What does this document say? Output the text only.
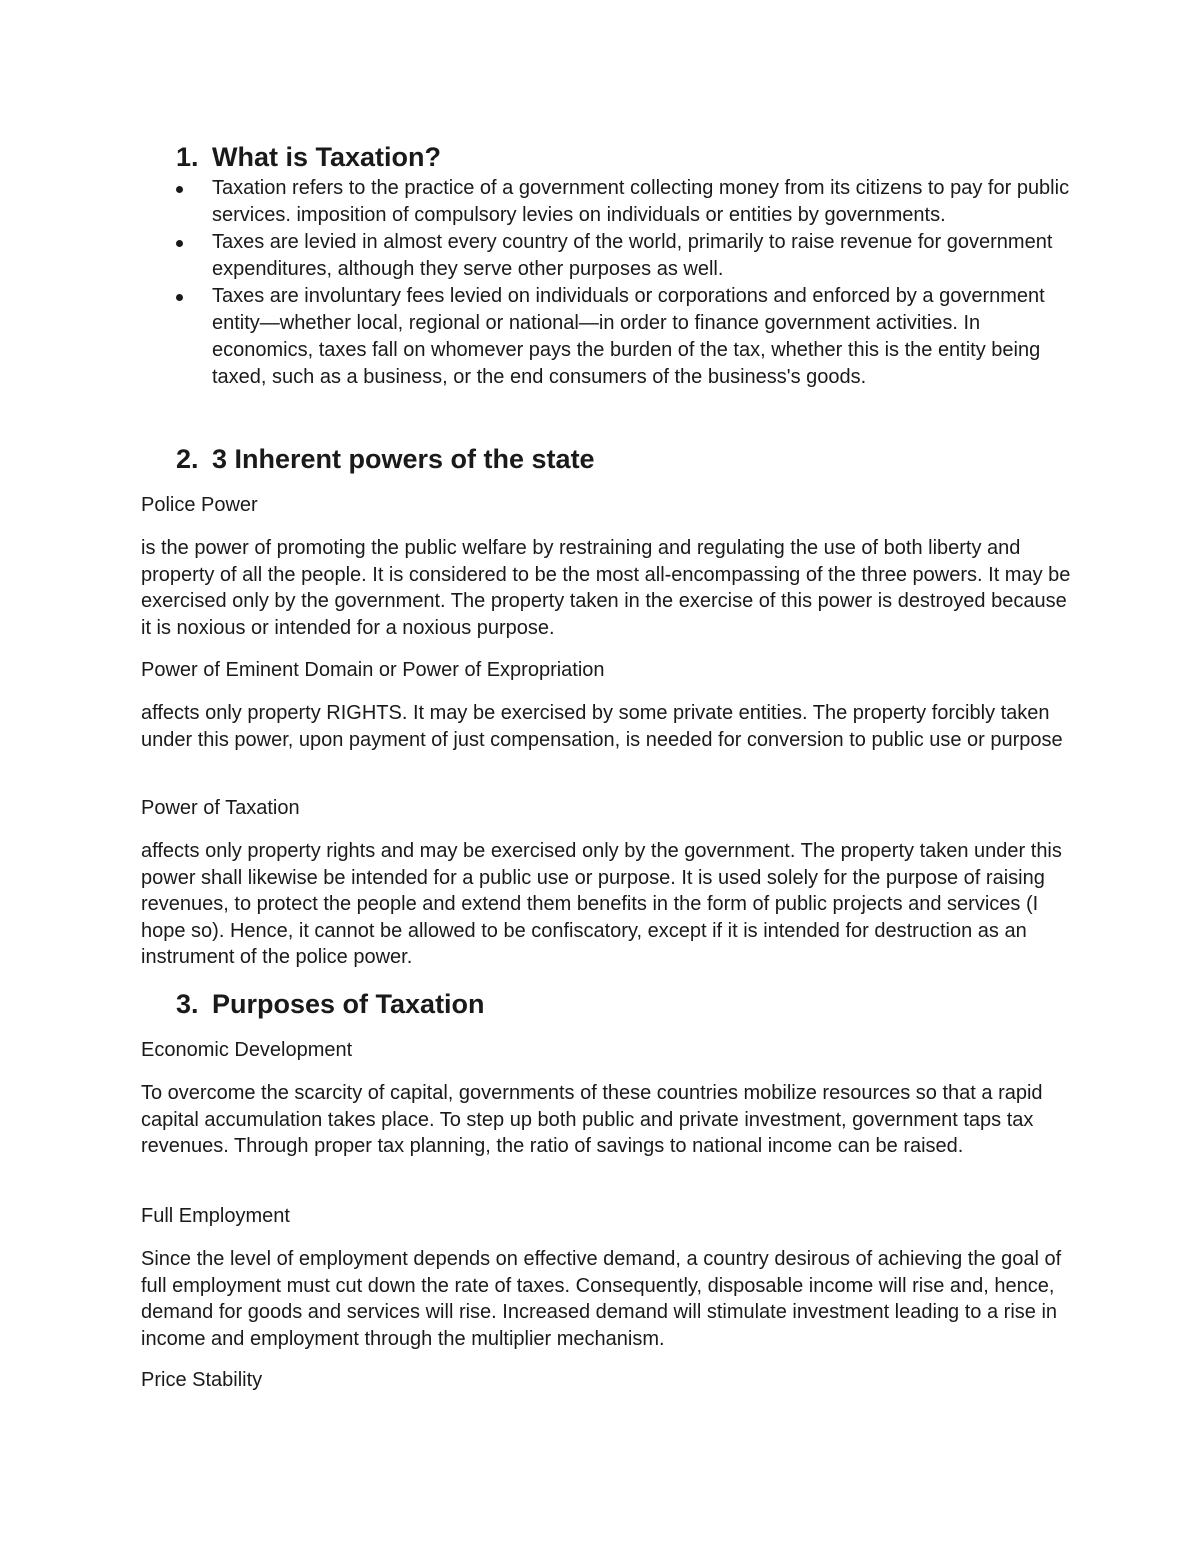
1. What is Taxation?
Taxation refers to the practice of a government collecting money from its citizens to pay for public services. imposition of compulsory levies on individuals or entities by governments.
Taxes are levied in almost every country of the world, primarily to raise revenue for government expenditures, although they serve other purposes as well.
Taxes are involuntary fees levied on individuals or corporations and enforced by a government entity—whether local, regional or national—in order to finance government activities. In economics, taxes fall on whomever pays the burden of the tax, whether this is the entity being taxed, such as a business, or the end consumers of the business's goods.
2. 3 Inherent powers of the state

Police Power

is the power of promoting the public welfare by restraining and regulating the use of both liberty and property of all the people. It is considered to be the most all-encompassing of the three powers. It may be exercised only by the government. The property taken in the exercise of this power is destroyed because it is noxious or intended for a noxious purpose.

Power of Eminent Domain or Power of Expropriation

affects only property RIGHTS. It may be exercised by some private entities. The property forcibly taken under this power, upon payment of just compensation, is needed for conversion to public use or purpose

Power of Taxation

affects only property rights and may be exercised only by the government. The property taken under this power shall likewise be intended for a public use or purpose. It is used solely for the purpose of raising revenues, to protect the people and extend them benefits in the form of public projects and services (I hope so). Hence, it cannot be allowed to be confiscatory, except if it is intended for destruction as an instrument of the police power.

3. Purposes of Taxation

Economic Development

To overcome the scarcity of capital, governments of these countries mobilize resources so that a rapid capital accumulation takes place. To step up both public and private investment, government taps tax revenues. Through proper tax planning, the ratio of savings to national income can be raised.

Full Employment

Since the level of employment depends on effective demand, a country desirous of achieving the goal of full employment must cut down the rate of taxes. Consequently, disposable income will rise and, hence, demand for goods and services will rise. Increased demand will stimulate investment leading to a rise in income and employment through the multiplier mechanism.

Price Stability
